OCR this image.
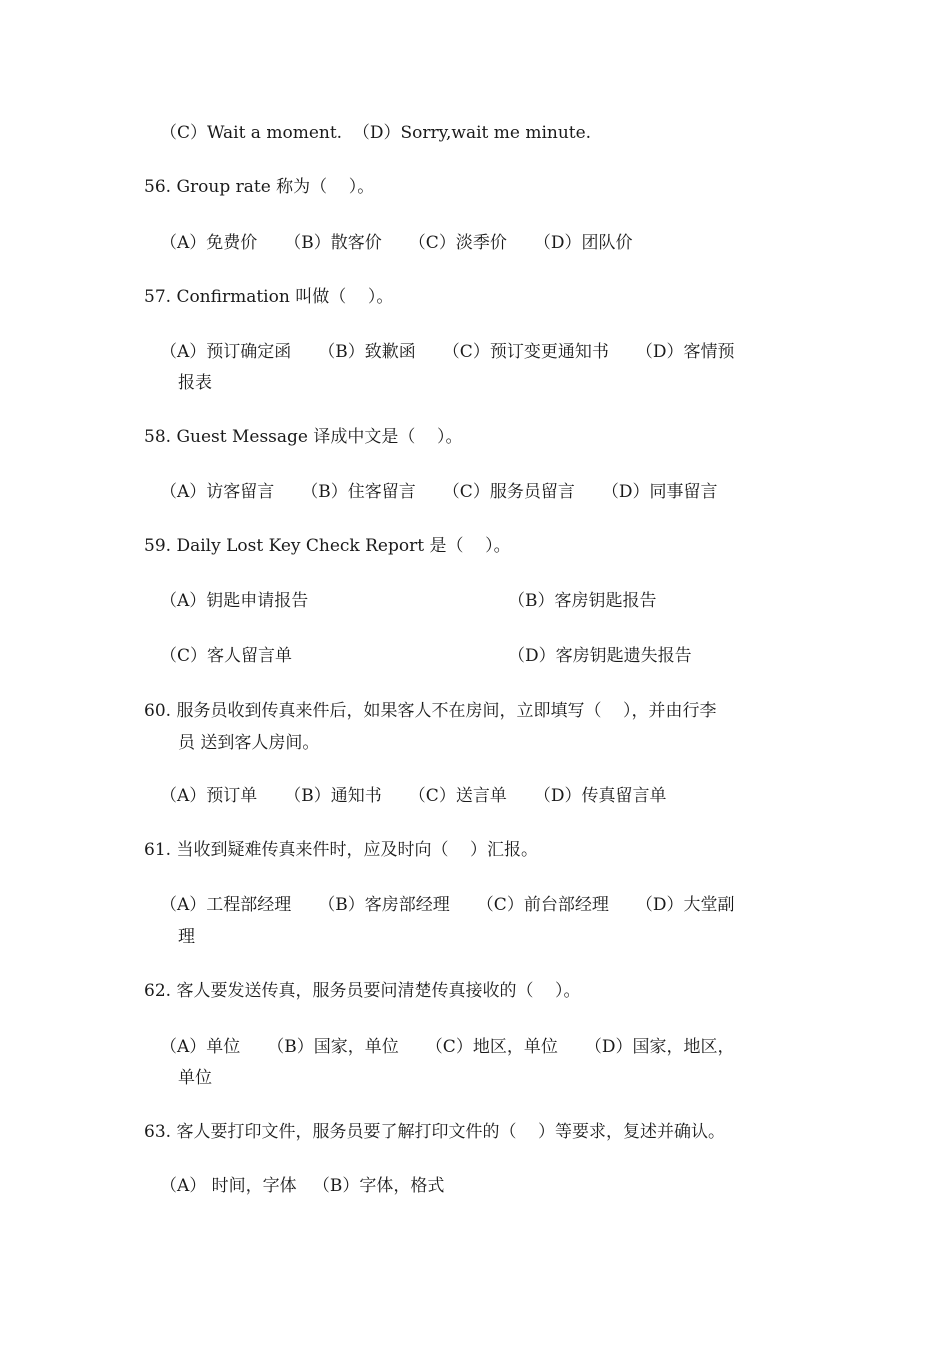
（C）Wait a moment.  （D）Sorry,wait me minute.
56. Group rate 称为（    ）。
（A）免费价     （B）散客价     （C）淡季价     （D）团队价
57. Confirmation 叫做（    ）。
（A）预订确定函     （B）致歉函     （C）预订变更通知书     （D）客情预
报表
58. Guest Message 译成中文是（    ）。
（A）访客留言     （B）住客留言     （C）服务员留言     （D）同事留言
59. Daily Lost Key Check Report 是（    ）。
（A）钥匙申请报告	（B）客房钥匙报告
（C）客人留言单	（D）客房钥匙遗失报告
60. 服务员收到传真来件后，如果客人不在房间，立即填写（    ），并由行李
员 送到客人房间。
（A）预订单     （B）通知书     （C）送言单     （D）传真留言单
61. 当收到疑难传真来件时，应及时向（    ）汇报。
（A）工程部经理     （B）客房部经理     （C）前台部经理     （D）大堂副
理
62. 客人要发送传真，服务员要问清楚传真接收的（    ）。
（A）单位     （B）国家，单位     （C）地区，单位     （D）国家，地区，
单位
63. 客人要打印文件，服务员要了解打印文件的（    ）等要求，复述并确认。
（A） 时间，字体   （B）字体，格式
